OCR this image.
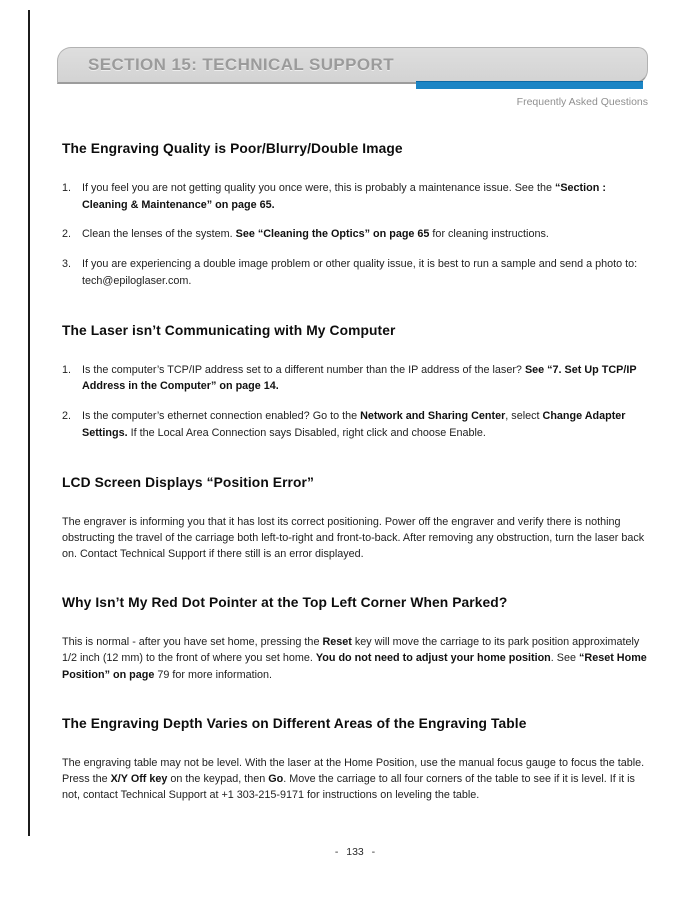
SECTION 15: TECHNICAL SUPPORT
Frequently Asked Questions
The Engraving Quality is Poor/Blurry/Double Image
1.	If you feel you are not getting quality you once were, this is probably a maintenance issue. See the “Section : Cleaning & Maintenance” on page 65.
2.	Clean the lenses of the system. See “Cleaning the Optics” on page 65 for cleaning instructions.
3.	If you are experiencing a double image problem or other quality issue, it is best to run a sample and send a photo to: tech@epiloglaser.com.
The Laser isn’t Communicating with My Computer
1.	Is the computer’s TCP/IP address set to a different number than the IP address of the laser? See “7. Set Up TCP/IP Address in the Computer” on page 14.
2.	Is the computer’s ethernet connection enabled? Go to the Network and Sharing Center, select Change Adapter Settings. If the Local Area Connection says Disabled, right click and choose Enable.
LCD Screen Displays “Position Error”

The engraver is informing you that it has lost its correct positioning. Power off the engraver and verify there is nothing obstructing the travel of the carriage both left-to-right and front-to-back. After removing any obstruction, turn the laser back on. Contact Technical Support if there still is an error displayed.

Why Isn’t My Red Dot Pointer at the Top Left Corner When Parked?

This is normal - after you have set home, pressing the Reset key will move the carriage to its park position approximately 1/2 inch (12 mm) to the front of where you set home. You do not need to adjust your home position. See “Reset Home Position” on page 79 for more information.

The Engraving Depth Varies on Different Areas of the Engraving Table

The engraving table may not be level. With the laser at the Home Position, use the manual focus gauge to focus the table. Press the X/Y Off key on the keypad, then Go. Move the carriage to all four corners of the table to see if it is level. If it is not, contact Technical Support at +1 303-215-9171 for instructions on leveling the table.

- 133 -
